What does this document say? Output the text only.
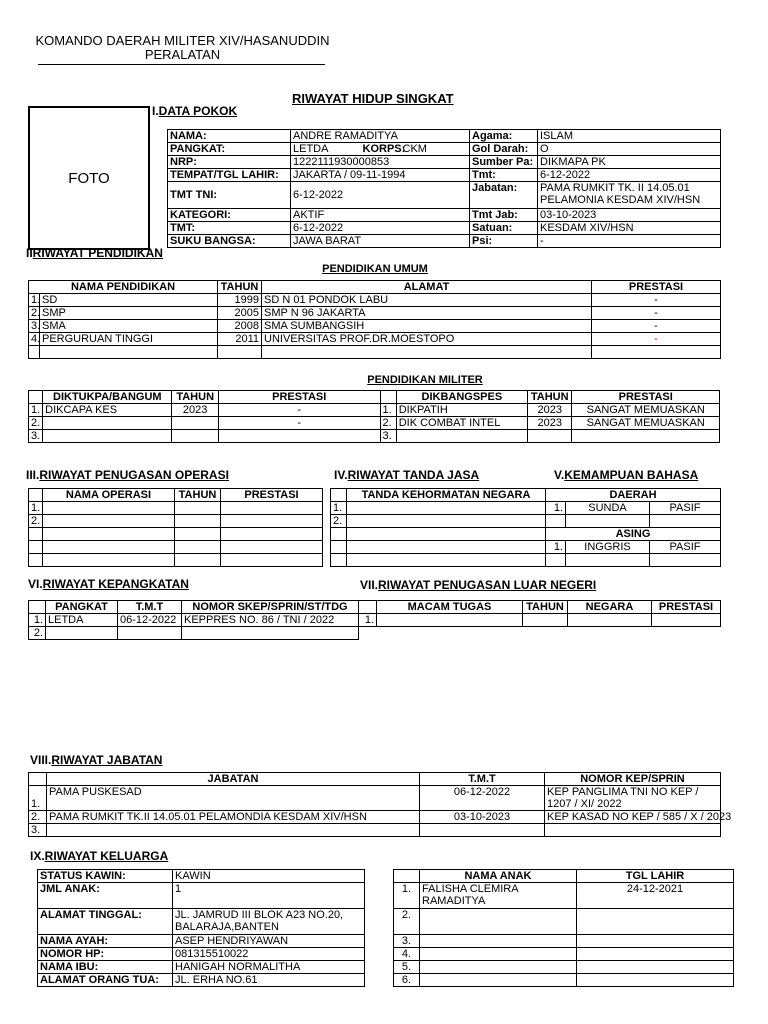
KOMANDO DAERAH MILITER XIV/HASANUDDIN
PERALATAN
RIWAYAT HIDUP SINGKAT
FOTO
I.DATA POKOK
NAMA:	ANDRE RAMADITYA			Agama:	ISLAM
PANGKAT:	LETDA	KORPS:	CKM	Gol Darah:	O
NRP:	1222111930000853			Sumber Pa:	DIKMAPA PK
TEMPAT/TGL LAHIR:	JAKARTA / 09-11-1994			Tmt:	6-12-2022
TMT TNI:	6-12-2022			Jabatan:	PAMA RUMKIT TK. II 14.05.01 PELAMONIA KESDAM XIV/HSN
KATEGORI:	AKTIF			Tmt Jab:	03-10-2023
TMT:	6-12-2022			Satuan:	KESDAM XIV/HSN
SUKU BANGSA:	JAWA BARAT			Psi:	-
IIRIWAYAT PENDIDIKAN
PENDIDIKAN UMUM
NAMA PENDIDIKAN		TAHUN	ALAMAT	PRESTASI
1.	SD	1999	SD N 01 PONDOK LABU	-
2.	SMP	2005	SMP N 96 JAKARTA	-
3.	SMA	2008	SMA SUMBANGSIH	-
4.	PERGURUAN TINGGI	2011	UNIVERSITAS PROF.DR.MOESTOPO	-

PENDIDIKAN MILITER
	DIKTUKPA/BANGUM	TAHUN	PRESTASI		DIKBANGSPES	TAHUN	PRESTASI
1.	DIKCAPA KES	2023	-	1.	DIKPATIH	2023	SANGAT MEMUASKAN
2.			-	2.	DIK COMBAT INTEL	2023	SANGAT MEMUASKAN
3.				3.			
III.RIWAYAT PENUGASAN OPERASI	IV.RIWAYAT TANDA JASA	V.KEMAMPUAN BAHASA
	NAMA OPERASI	TAHUN	PRESTASI
1.			
2.			

	TANDA KEHORMATAN NEGARA
1.	
2.	

DAERAH		
1.	SUNDA	PASIF

ASING		
1.	INGGRIS	PASIF

VI.RIWAYAT KEPANGKATAN	VII.RIWAYAT PENUGASAN LUAR NEGERI
	PANGKAT	T.M.T	NOMOR SKEP/SPRIN/ST/TDG
1.	LETDA	06-12-2022	KEPPRES NO. 86 / TNI / 2022
2.			
	MACAM TUGAS	TAHUN	NEGARA	PRESTASI
1.				
VIII.RIWAYAT JABATAN
	JABATAN	T.M.T	NOMOR KEP/SPRIN
1.	PAMA PUSKESAD	06-12-2022	KEP PANGLIMA TNI NO KEP / 1207 / XI/ 2022
2.	PAMA RUMKIT TK.II 14.05.01 PELAMONDIA KESDAM XIV/HSN	03-10-2023	KEP KASAD NO KEP / 585 / X / 2023
3.			
IX.RIWAYAT KELUARGA
STATUS KAWIN:	KAWIN
JML ANAK:	1
ALAMAT TINGGAL:	JL. JAMRUD III BLOK A23 NO.20, BALARAJA,BANTEN
NAMA AYAH:	ASEP HENDRIYAWAN
NOMOR HP:	081315510022
NAMA IBU:	HANIGAH NORMALITHA
ALAMAT ORANG TUA:	JL. ERHA NO.61
	NAMA ANAK	TGL LAHIR
1.	FALISHA CLEMIRA RAMADITYA	24-12-2021
2.		
3.		
4.		
5.		
6.		
